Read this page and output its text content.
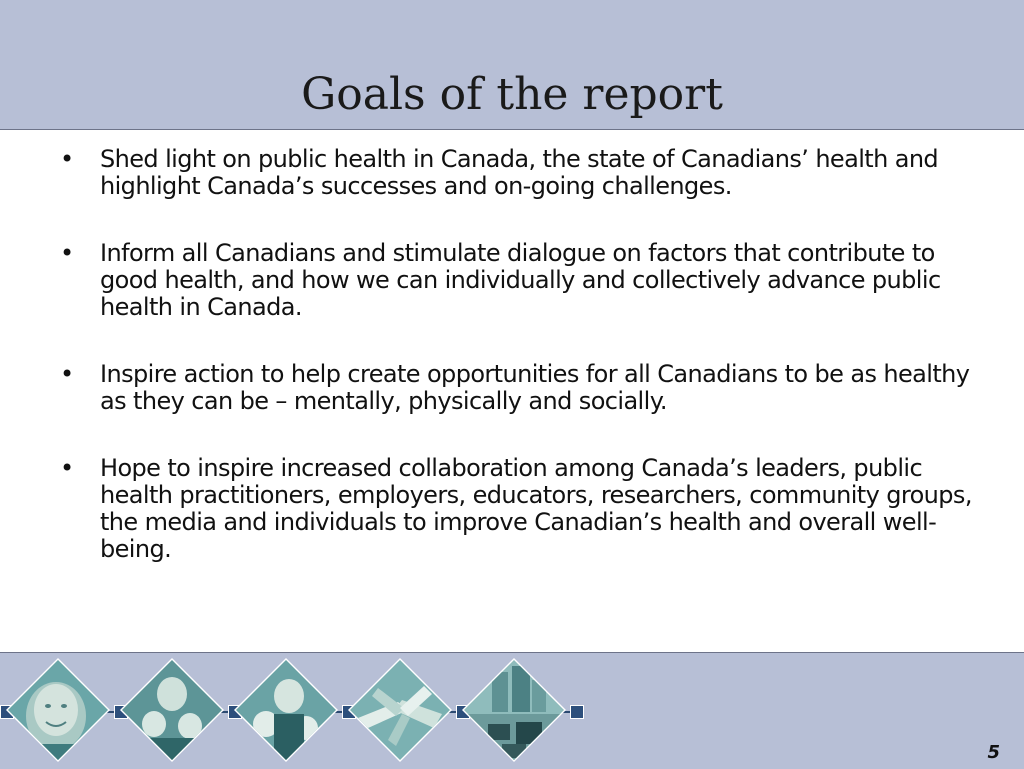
Goals of the report
• Shed light on public health in Canada, the state of Canadians’ health and highlight Canada’s successes and on-going challenges.
• Inform all Canadians and stimulate dialogue on factors that contribute to good health, and how we can individually and collectively advance public health in Canada.
• Inspire action to help create opportunities for all Canadians to be as healthy as they can be – mentally, physically and socially.
• Hope to inspire increased collaboration among Canada’s leaders, public health practitioners, employers, educators, researchers, community groups, the media and individuals to improve Canadian’s health and overall well-being.
5
